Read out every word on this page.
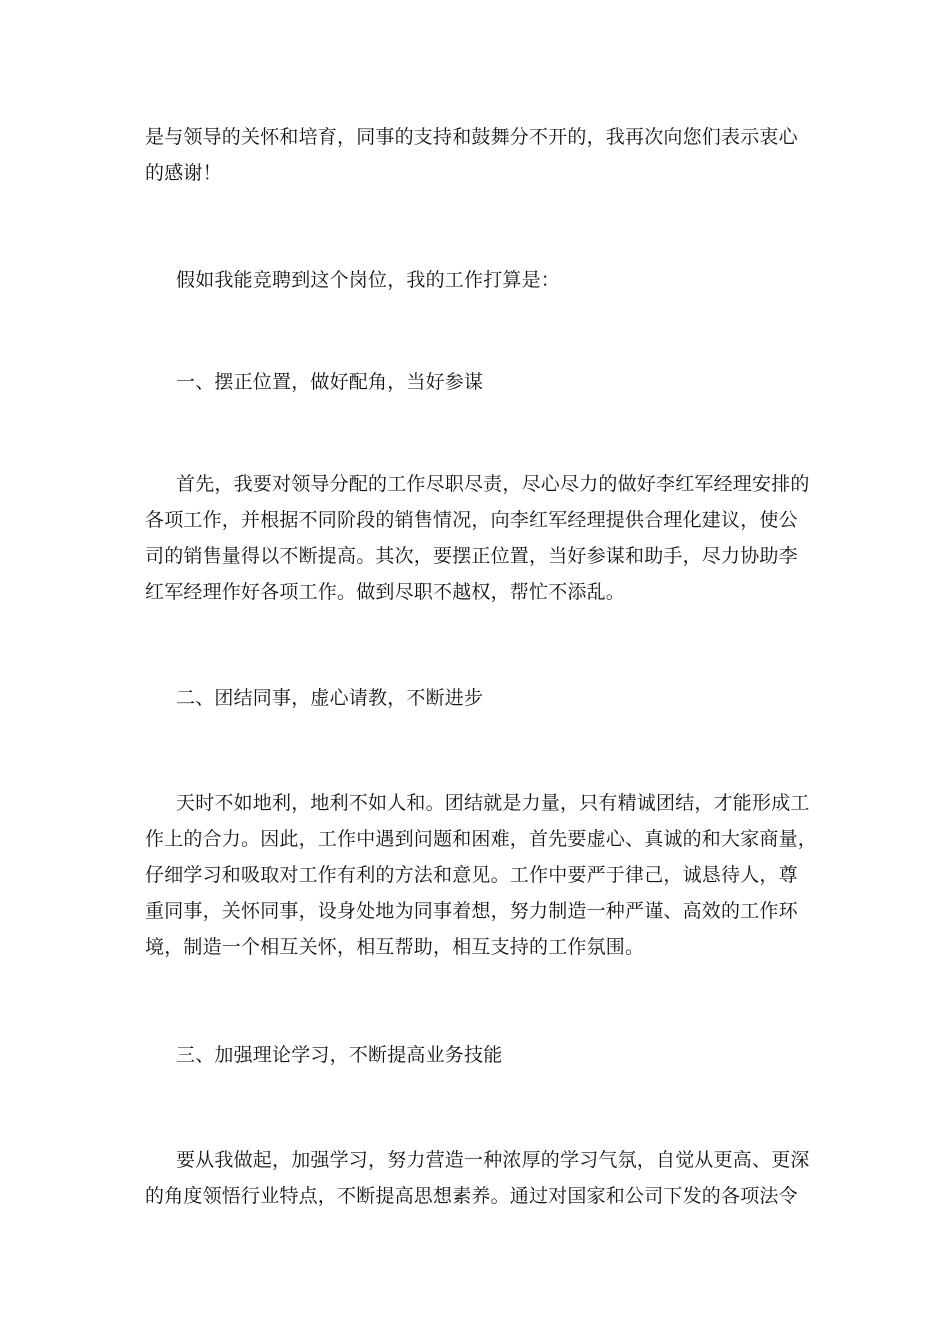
是与领导的关怀和培育，同事的支持和鼓舞分不开的，我再次向您们表示衷心
的感谢！

假如我能竞聘到这个岗位，我的工作打算是：

一、摆正位置，做好配角，当好参谋

首先，我要对领导分配的工作尽职尽责，尽心尽力的做好李红军经理安排的
各项工作，并根据不同阶段的销售情况，向李红军经理提供合理化建议，使公
司的销售量得以不断提高。其次，要摆正位置，当好参谋和助手，尽力协助李
红军经理作好各项工作。做到尽职不越权，帮忙不添乱。

二、团结同事，虚心请教，不断进步

天时不如地利，地利不如人和。团结就是力量，只有精诚团结，才能形成工
作上的合力。因此，工作中遇到问题和困难，首先要虚心、真诚的和大家商量，
仔细学习和吸取对工作有利的方法和意见。工作中要严于律己，诚恳待人，尊
重同事，关怀同事，设身处地为同事着想，努力制造一种严谨、高效的工作环
境，制造一个相互关怀，相互帮助，相互支持的工作氛围。

三、加强理论学习，不断提高业务技能

要从我做起，加强学习，努力营造一种浓厚的学习气氛，自觉从更高、更深
的角度领悟行业特点，不断提高思想素养。通过对国家和公司下发的各项法令
